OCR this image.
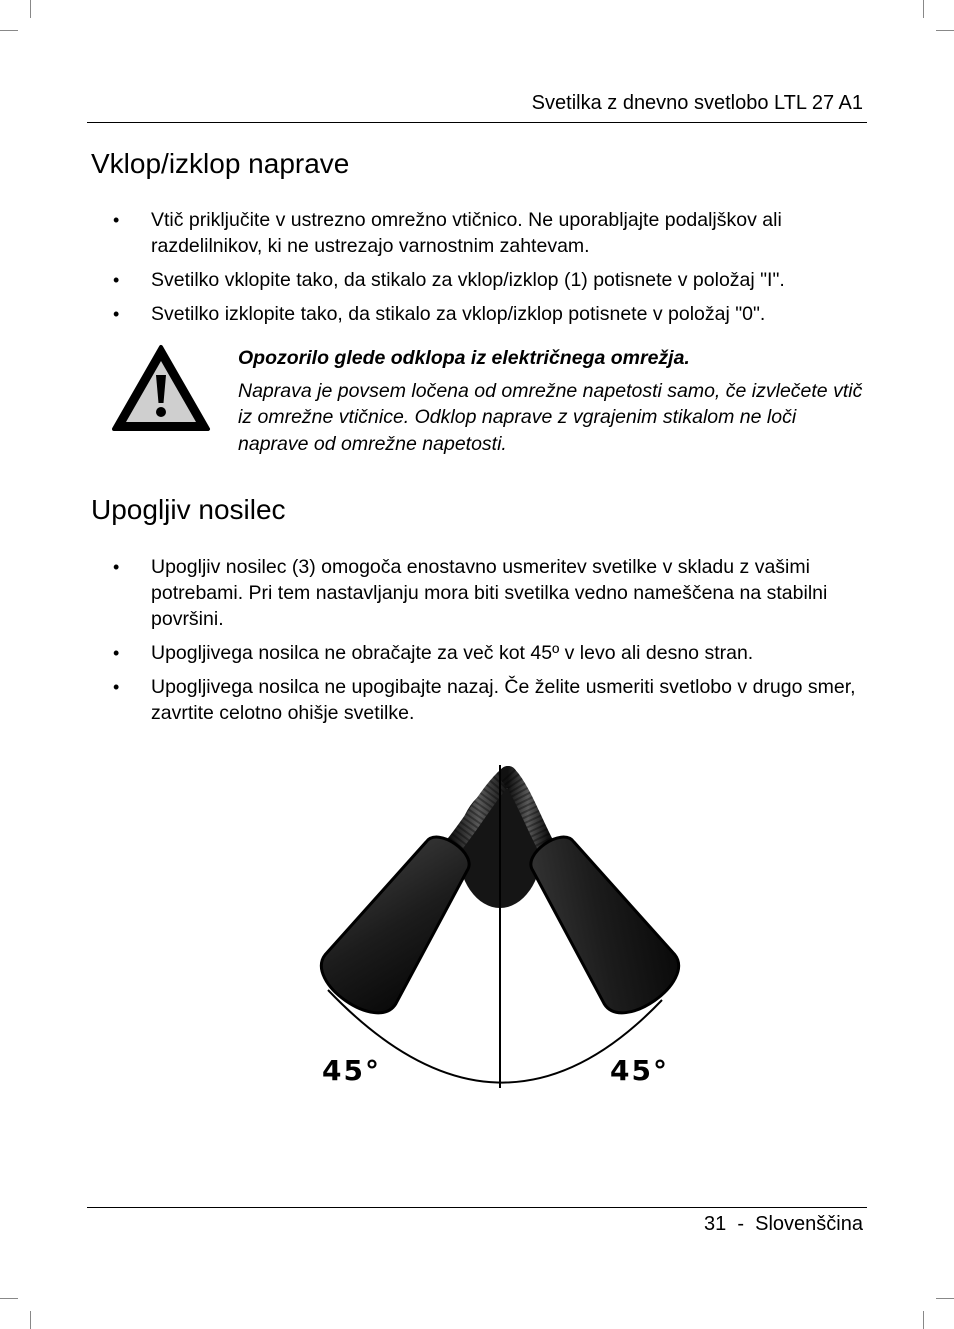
Svetilka z dnevno svetlobo LTL 27 A1
Vklop/izklop naprave
• Vtič priključite v ustrezno omrežno vtičnico. Ne uporabljajte podaljškov ali razdelilnikov, ki ne ustrezajo varnostnim zahtevam.
• Svetilko vklopite tako, da stikalo za vklop/izklop (1) potisnete v položaj "I".
• Svetilko izklopite tako, da stikalo za vklop/izklop potisnete v položaj "0".
Opozorilo glede odklopa iz električnega omrežja.
Naprava je povsem ločena od omrežne napetosti samo, če izvlečete vtič iz omrežne vtičnice. Odklop naprave z vgrajenim stikalom ne loči naprave od omrežne napetosti.
Upogljiv nosilec
• Upogljiv nosilec (3) omogoča enostavno usmeritev svetilke v skladu z vašimi potrebami. Pri tem nastavljanju mora biti svetilka vedno nameščena na stabilni površini.
• Upogljivega nosilca ne obračajte za več kot 45º v levo ali desno stran.
• Upogljivega nosilca ne upogibajte nazaj. Če želite usmeriti svetlobo v drugo smer, zavrtite celotno ohišje svetilke.
45°	45°
31  -  Slovenščina
